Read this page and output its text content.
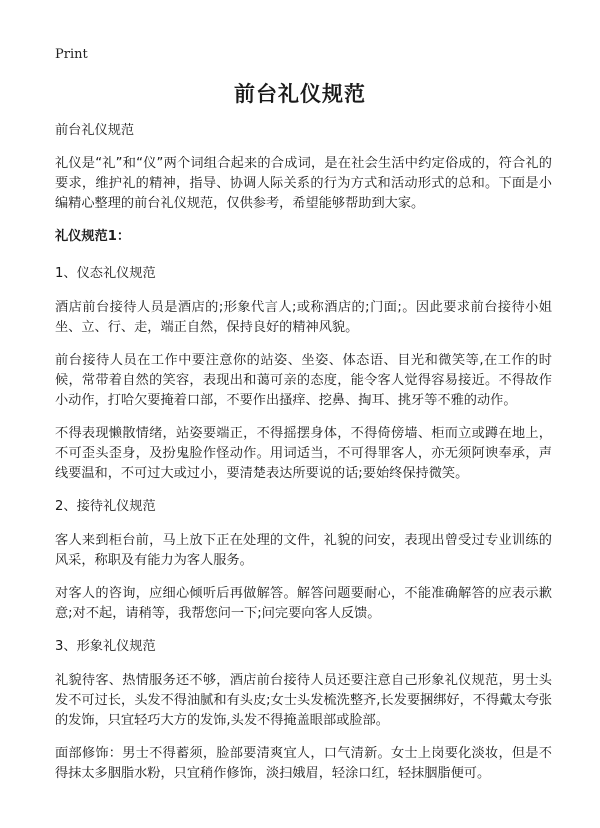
Print
前台礼仪规范

前台礼仪规范

礼仪是“礼”和“仪”两个词组合起来的合成词，是在社会生活中约定俗成的，符合礼的要求，维护礼的精神，指导、协调人际关系的行为方式和活动形式的总和。下面是小编精心整理的前台礼仪规范，仅供参考，希望能够帮助到大家。

礼仪规范1：

1、仪态礼仪规范

酒店前台接待人员是酒店的;形象代言人;或称酒店的;门面;。因此要求前台接待小姐坐、立、行、走，端正自然，保持良好的精神风貌。

前台接待人员在工作中要注意你的站姿、坐姿、体态语、目光和微笑等,在工作的时候，常带着自然的笑容，表现出和蔼可亲的态度，能令客人觉得容易接近。不得故作小动作，打哈欠要掩着口部，不要作出搔痒、挖鼻、掏耳、挑牙等不雅的动作。

不得表现懒散情绪，站姿要端正，不得摇摆身体，不得倚傍墙、柜而立或蹲在地上，不可歪头歪身，及扮鬼脸作怪动作。用词适当，不可得罪客人，亦无须阿谀奉承，声线要温和，不可过大或过小，要清楚表达所要说的话;要始终保持微笑。

2、接待礼仪规范

客人来到柜台前，马上放下正在处理的文件，礼貌的问安，表现出曾受过专业训练的风采，称职及有能力为客人服务。

对客人的咨询，应细心倾听后再做解答。解答问题要耐心，不能准确解答的应表示歉意;对不起，请稍等，我帮您问一下;问完要向客人反馈。

3、形象礼仪规范

礼貌待客、热情服务还不够，酒店前台接待人员还要注意自己形象礼仪规范，男士头发不可过长，头发不得油腻和有头皮;女士头发梳洗整齐,长发要捆绑好，不得戴太夸张的发饰，只宜轻巧大方的发饰,头发不得掩盖眼部或脸部。

面部修饰：男士不得蓄须，脸部要清爽宜人，口气清新。女士上岗要化淡妆，但是不得抹太多胭脂水粉，只宜稍作修饰，淡扫娥眉，轻涂口红，轻抹胭脂便可。
